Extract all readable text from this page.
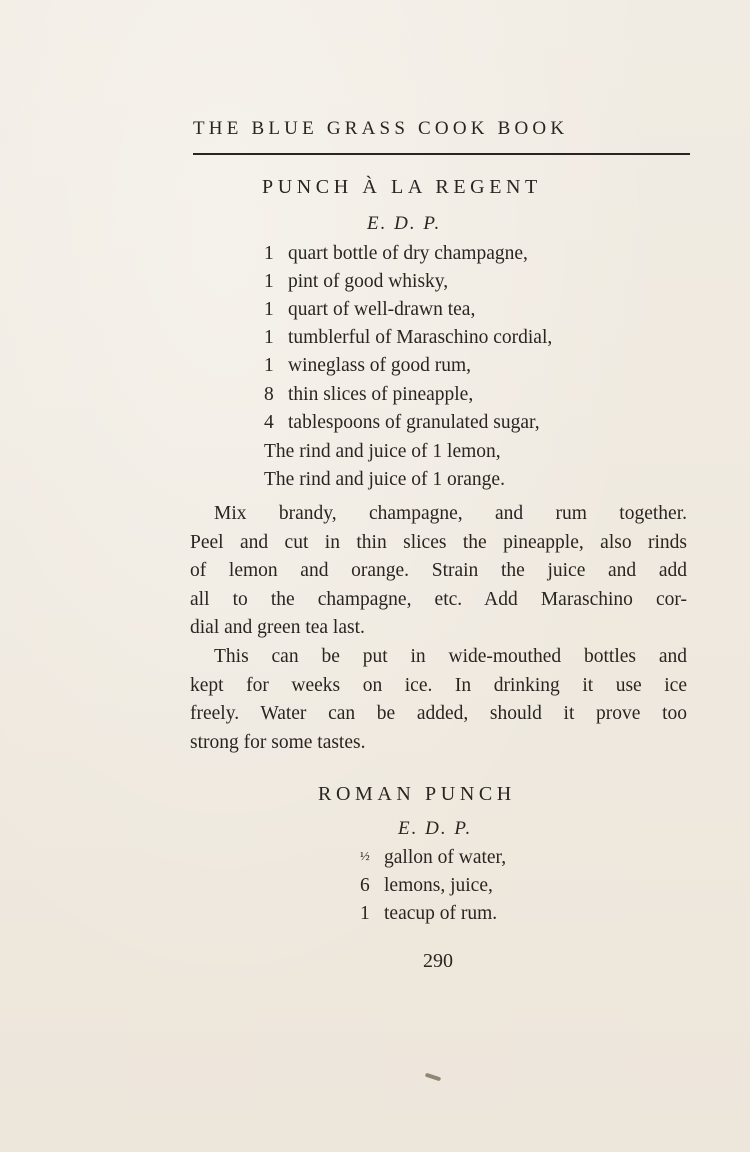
THE BLUE GRASS COOK BOOK
PUNCH À LA REGENT
E. D. P.
1 quart bottle of dry champagne,
1 pint of good whisky,
1 quart of well-drawn tea,
1 tumblerful of Maraschino cordial,
1 wineglass of good rum,
8 thin slices of pineapple,
4 tablespoons of granulated sugar,
The rind and juice of 1 lemon,
The rind and juice of 1 orange.
Mix brandy, champagne, and rum together.
Peel and cut in thin slices the pineapple, also rinds
of lemon and orange. Strain the juice and add
all to the champagne, etc. Add Maraschino cor-
dial and green tea last.
This can be put in wide-mouthed bottles and
kept for weeks on ice. In drinking it use ice
freely. Water can be added, should it prove too
strong for some tastes.
ROMAN PUNCH
E. D. P.
½ gallon of water,
6 lemons, juice,
1 teacup of rum.
290
